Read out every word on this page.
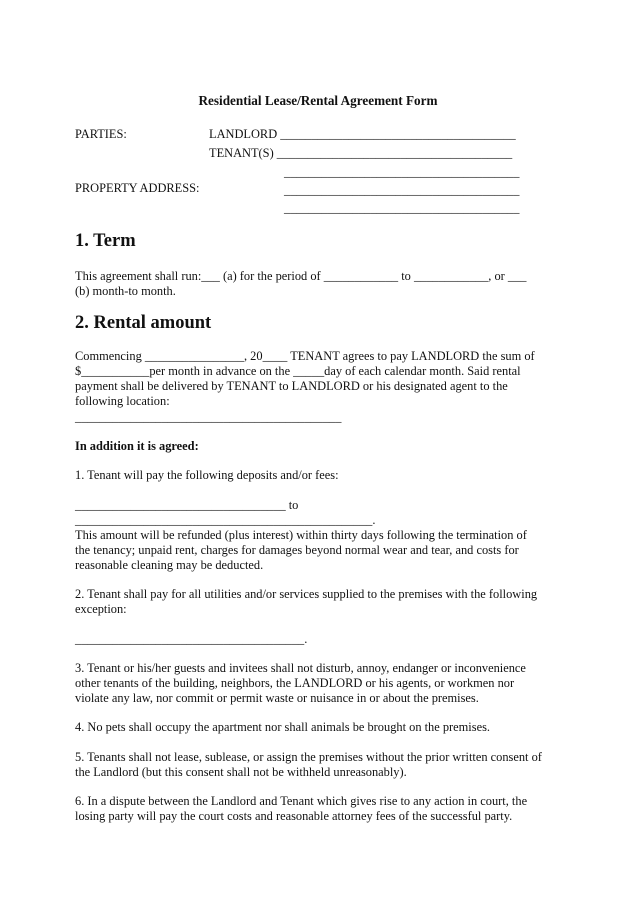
Residential Lease/Rental Agreement Form
PARTIES:	LANDLORD ______________________________________
TENANT(S) ______________________________________
______________________________________
PROPERTY ADDRESS:	______________________________________
______________________________________
1. Term
This agreement shall run:___ (a) for the period of ____________ to ____________, or ___
(b) month-to month.
2. Rental amount
Commencing ________________, 20____ TENANT agrees to pay LANDLORD the sum of
$___________per month in advance on the _____day of each calendar month. Said rental
payment shall be delivered by TENANT to LANDLORD or his designated agent to the
following location:
___________________________________________
In addition it is agreed:
1. Tenant will pay the following deposits and/or fees:
__________________________________ to
________________________________________________.
This amount will be refunded (plus interest) within thirty days following the termination of
the tenancy; unpaid rent, charges for damages beyond normal wear and tear, and costs for
reasonable cleaning may be deducted.
2. Tenant shall pay for all utilities and/or services supplied to the premises with the following
exception:
_____________________________________.
3. Tenant or his/her guests and invitees shall not disturb, annoy, endanger or inconvenience
other tenants of the building, neighbors, the LANDLORD or his agents, or workmen nor
violate any law, nor commit or permit waste or nuisance in or about the premises.
4. No pets shall occupy the apartment nor shall animals be brought on the premises.
5. Tenants shall not lease, sublease, or assign the premises without the prior written consent of
the Landlord (but this consent shall not be withheld unreasonably).
6. In a dispute between the Landlord and Tenant which gives rise to any action in court, the
losing party will pay the court costs and reasonable attorney fees of the successful party.
